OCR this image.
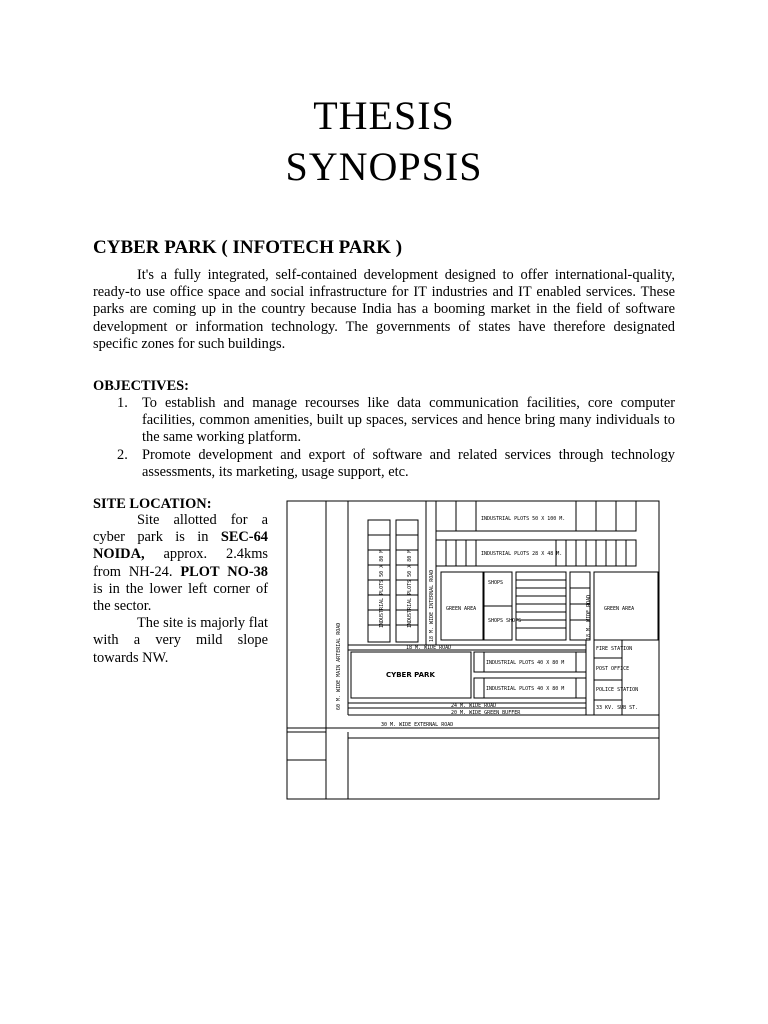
THESIS
SYNOPSIS
CYBER PARK ( INFOTECH PARK )

It's a fully integrated, self-contained development designed to offer international-quality, ready-to use office space and social infrastructure for IT industries and IT enabled services. These parks are coming up in the country because India has a booming market in the field of software development or information technology. The governments of states have therefore designated specific zones for such buildings.

OBJECTIVES:
1. To establish and manage recourses like data communication facilities, core computer facilities, common amenities, built up spaces, services and hence bring many individuals to the same working platform.
2. Promote development and export of software and related services through technology assessments, its marketing, usage support, etc.
SITE LOCATION:

Site allotted for a cyber park is in SEC-64 NOIDA, approx. 2.4kms from NH-24. PLOT NO-38 is in the lower left corner of the sector.

The site is majorly flat with a very mild slope towards NW.	60 M. WIDE MAIN ARTERIAL ROAD
INDUSTRIAL PLOTS 50 X 80 M	INDUSTRIAL PLOTS 50 X 80 M	18 M. WIDE INTERNAL ROAD
INDUSTRIAL PLOTS 50 X 100 M.
INDUSTRIAL PLOTS 28 X 48 M.
SHOPS
SHOPS SHOPS
GREEN AREA	GREEN AREA
18 M. WIDE ROAD
INDUSTRIAL PLOTS 40 X 80 M
INDUSTRIAL PLOTS 40 X 80 M
CYBER PARK
FIRE STATION
POST OFFICE
POLICE STATION
33 KV. SUB ST.
24 M. WIDE ROAD
20 M. WIDE GREEN BUFFER
30 M. WIDE EXTERNAL ROAD
18 M. WIDE ROAD
